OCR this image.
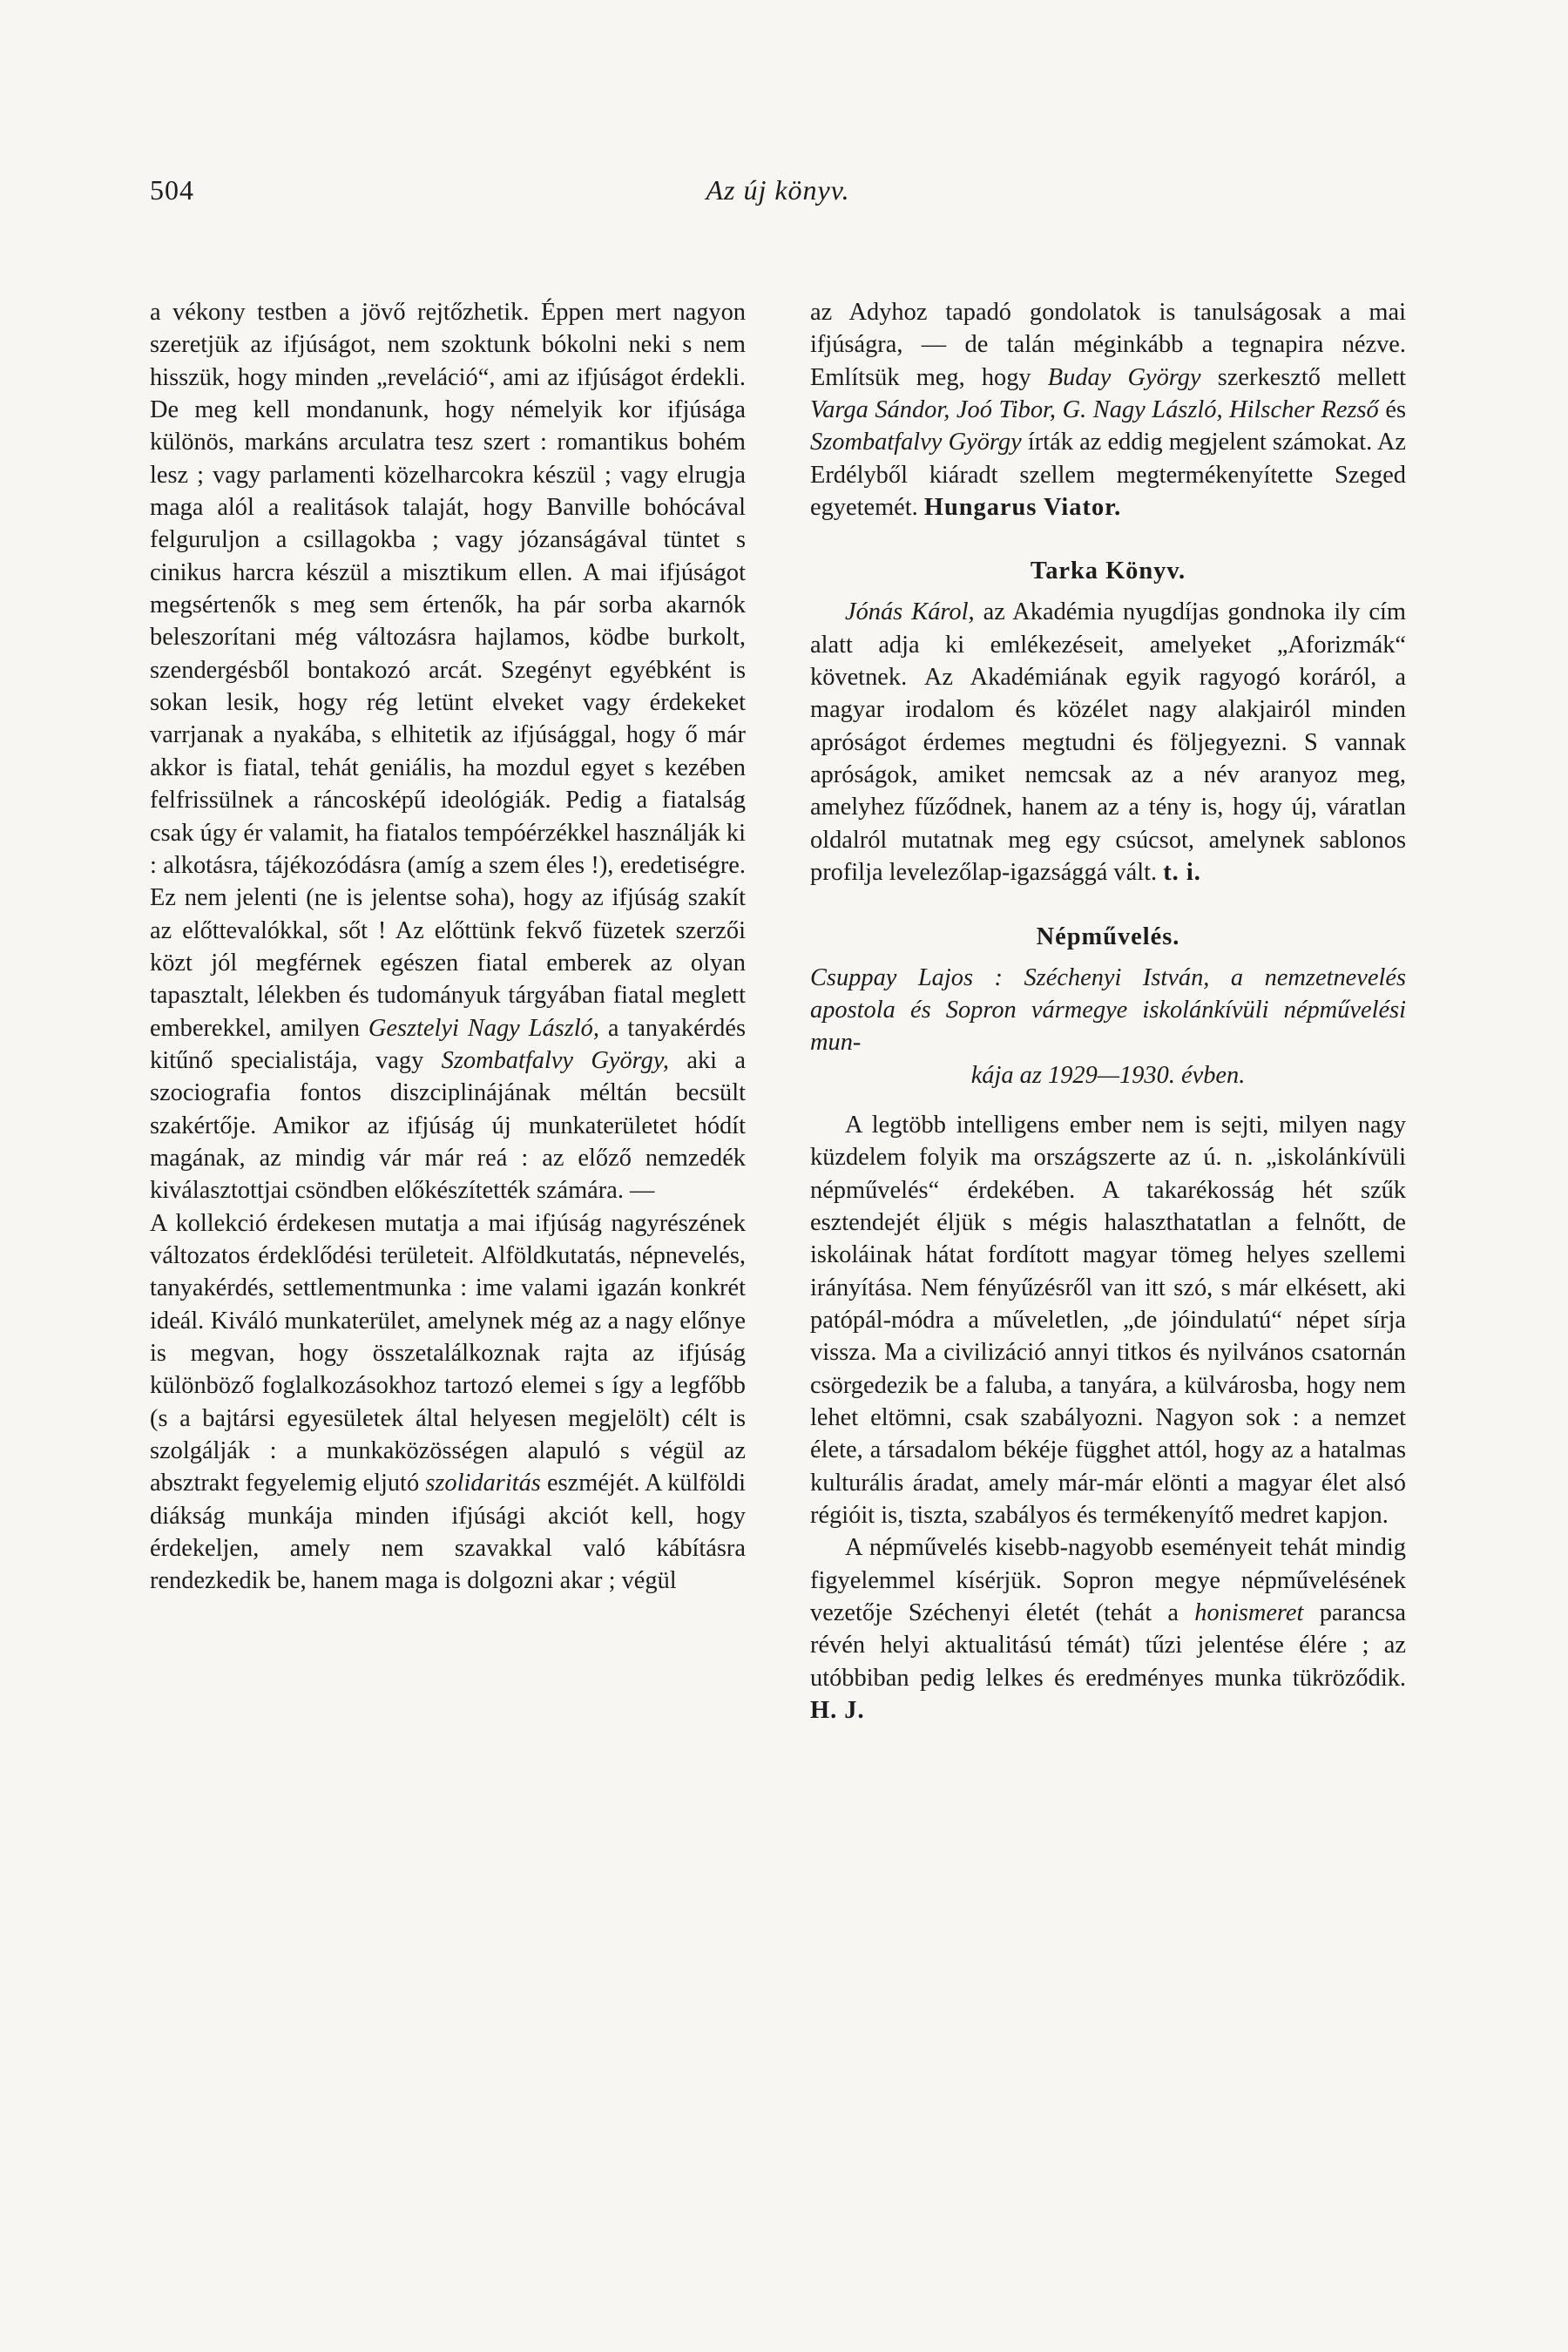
504	Az új könyv.

a vékony testben a jövő rejtőzhetik. Éppen mert nagyon szeretjük az ifjúságot, nem szoktunk bókolni neki s nem hisszük, hogy minden „reveláció“, ami az ifjúságot érdekli. De meg kell mondanunk, hogy némelyik kor ifjúsága különös, markáns arculatra tesz szert : romantikus bohém lesz ; vagy parlamenti közelharcokra készül ; vagy elrugja maga alól a realitások talaját, hogy Banville bohócával felguruljon a csillagokba ; vagy józanságával tüntet s cinikus harcra készül a misztikum ellen. A mai ifjúságot megsértenők s meg sem értenők, ha pár sorba akarnók beleszorítani még változásra hajlamos, ködbe burkolt, szendergésből bontakozó arcát. Szegényt egyébként is sokan lesik, hogy rég letünt elveket vagy érdekeket varrjanak a nyakába, s elhitetik az ifjúsággal, hogy ő már akkor is fiatal, tehát geniális, ha mozdul egyet s kezében felfrissülnek a ráncosképű ideológiák. Pedig a fiatalság csak úgy ér valamit, ha fiatalos tempóérzékkel használják ki : alkotásra, tájékozódásra (amíg a szem éles !), eredetiségre. Ez nem jelenti (ne is jelentse soha), hogy az ifjúság szakít az előttevalókkal, sőt ! Az előttünk fekvő füzetek szerzői közt jól megférnek egészen fiatal emberek az olyan tapasztalt, lélekben és tudományuk tárgyában fiatal meglett emberekkel, amilyen Gesztelyi Nagy László, a tanyakérdés kitűnő specialistája, vagy Szombatfalvy György, aki a szociografia fontos diszciplinájának méltán becsült szakértője. Amikor az ifjúság új munkaterületet hódít magának, az mindig vár már reá : az előző nemzedék kiválasztottjai csöndben előkészítették számára. —

A kollekció érdekesen mutatja a mai ifjúság nagyrészének változatos érdeklődési területeit. Alföldkutatás, népnevelés, tanyakérdés, settlementmunka : ime valami igazán konkrét ideál. Kiváló munkaterület, amelynek még az a nagy előnye is megvan, hogy összetalálkoznak rajta az ifjúság különböző foglalkozásokhoz tartozó elemei s így a legfőbb (s a bajtársi egyesületek által helyesen megjelölt) célt is szolgálják : a munkaközösségen alapuló s végül az absztrakt fegyelemig eljutó szolidaritás eszméjét. A külföldi diákság munkája minden ifjúsági akciót kell, hogy érdekeljen, amely nem szavakkal való kábításra rendezkedik be, hanem maga is dolgozni akar ; végül

az Adyhoz tapadó gondolatok is tanulságosak a mai ifjúságra, — de talán méginkább a tegnapira nézve. Említsük meg, hogy Buday György szerkesztő mellett Varga Sándor, Joó Tibor, G. Nagy László, Hilscher Rezső és Szombatfalvy György írták az eddig megjelent számokat. Az Erdélyből kiáradt szellem megtermékenyítette Szeged egyetemét. Hungarus Viator.

Tarka Könyv.

Jónás Károl, az Akadémia nyugdíjas gondnoka ily cím alatt adja ki emlékezéseit, amelyeket „Aforizmák“ követnek. Az Akadémiának egyik ragyogó koráról, a magyar irodalom és közélet nagy alakjairól minden apróságot érdemes megtudni és följegyezni. S vannak apróságok, amiket nemcsak az a név aranyoz meg, amelyhez fűződnek, hanem az a tény is, hogy új, váratlan oldalról mutatnak meg egy csúcsot, amelynek sablonos profilja levelezőlap-igazsággá vált. t. i.

Népművelés.
Csuppay Lajos : Széchenyi István, a nemzetnevelés apostola és Sopron vármegye iskolánkívüli népművelési mun-
kája az 1929—1930. évben.

A legtöbb intelligens ember nem is sejti, milyen nagy küzdelem folyik ma országszerte az ú. n. „iskolánkívüli népművelés“ érdekében. A takarékosság hét szűk esztendejét éljük s mégis halaszthatatlan a felnőtt, de iskoláinak hátat fordított magyar tömeg helyes szellemi irányítása. Nem fényűzésről van itt szó, s már elkésett, aki patópál-módra a műveletlen, „de jóindulatú“ népet sírja vissza. Ma a civilizáció annyi titkos és nyilvános csatornán csörgedezik be a faluba, a tanyára, a külvárosba, hogy nem lehet eltömni, csak szabályozni. Nagyon sok : a nemzet élete, a társadalom békéje függhet attól, hogy az a hatalmas kulturális áradat, amely már-már elönti a magyar élet alsó régióit is, tiszta, szabályos és termékenyítő medret kapjon.

A népművelés kisebb-nagyobb eseményeit tehát mindig figyelemmel kísérjük. Sopron megye népművelésének vezetője Széchenyi életét (tehát a honismeret parancsa révén helyi aktualitású témát) tűzi jelentése élére ; az utóbbiban pedig lelkes és eredményes munka tükröződik. H. J.
